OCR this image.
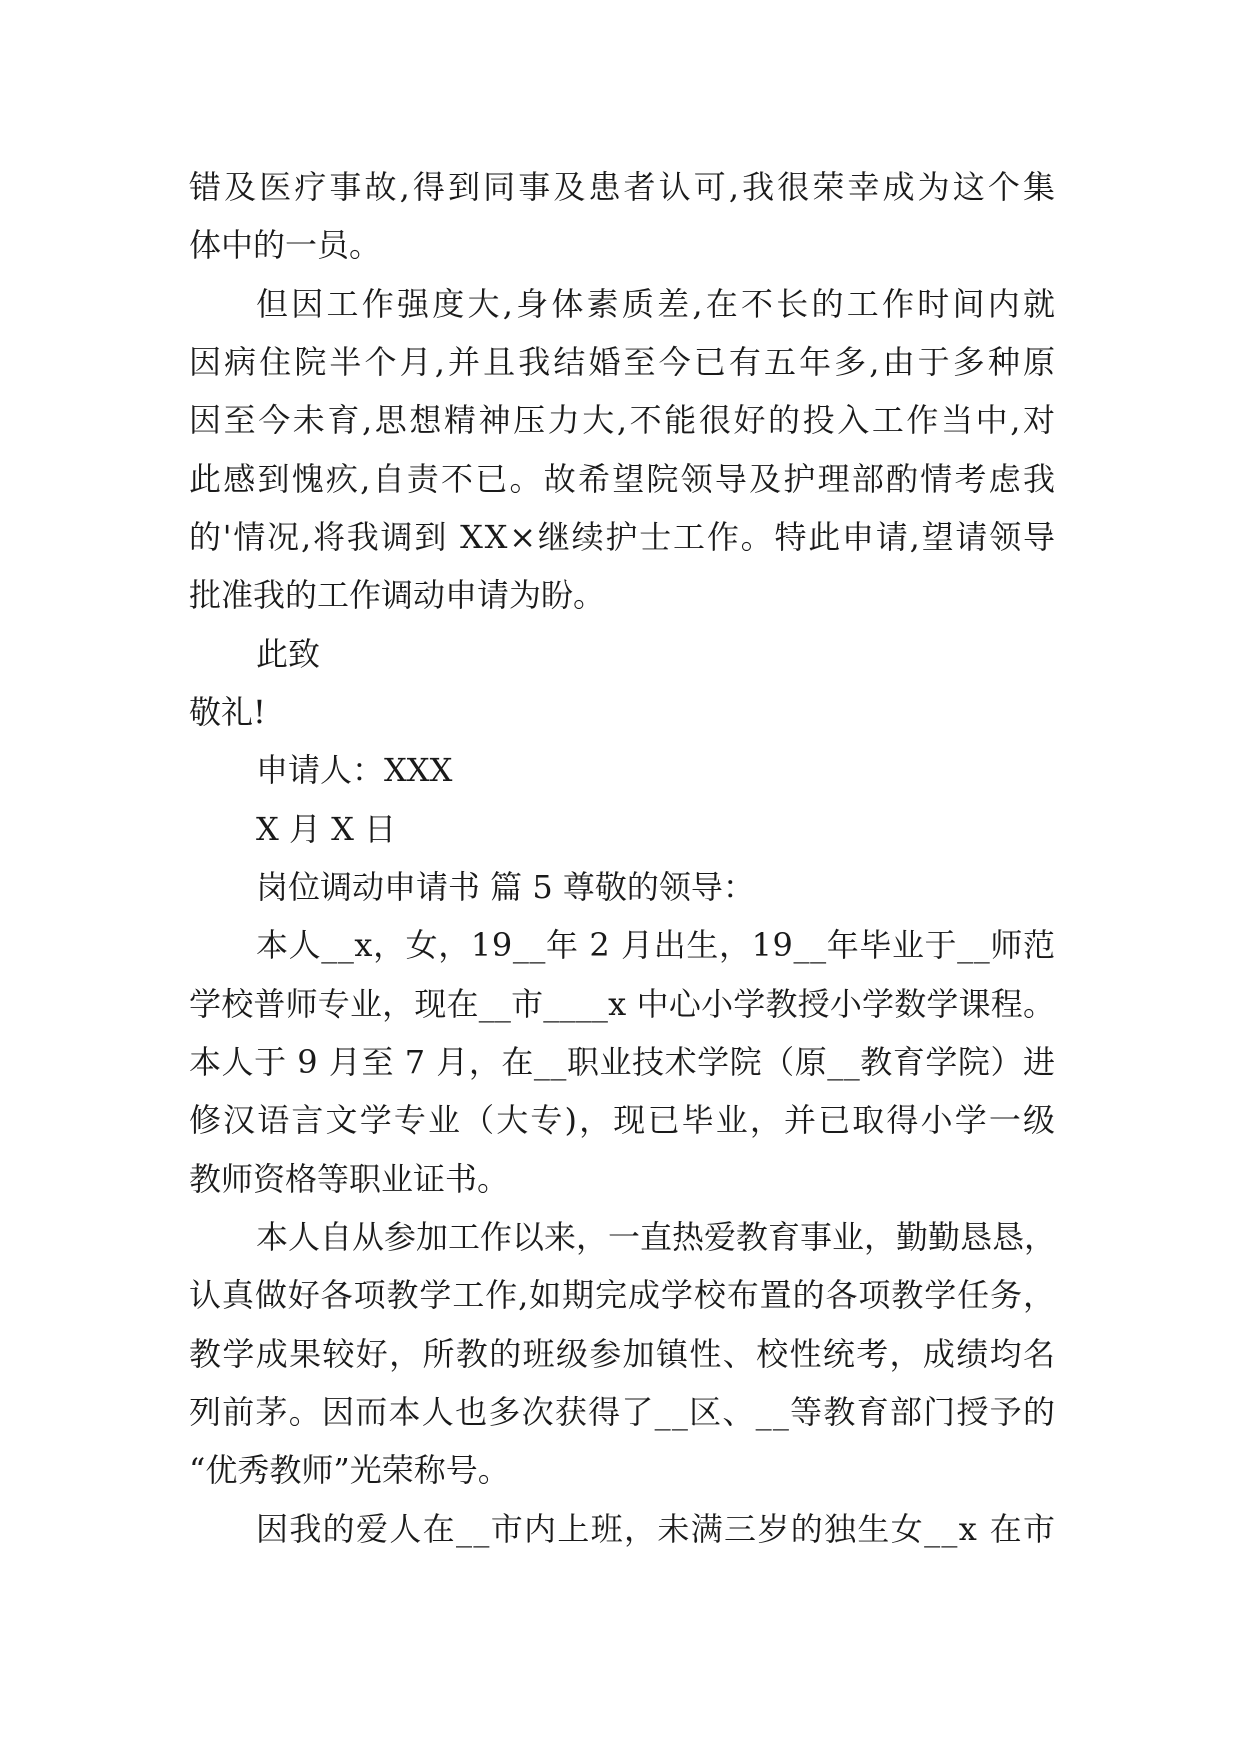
错及医疗事故,得到同事及患者认可,我很荣幸成为这个集
体中的一员。
但因工作强度大,身体素质差,在不长的工作时间内就
因病住院半个月,并且我结婚至今已有五年多,由于多种原
因至今未育,思想精神压力大,不能很好的投入工作当中,对
此感到愧疚,自责不已。故希望院领导及护理部酌情考虑我
的'情况,将我调到 XX×继续护士工作。特此申请,望请领导
批准我的工作调动申请为盼。
此致
敬礼!
申请人：XXX
X 月 X 日
岗位调动申请书 篇 5 尊敬的领导：
本人__x，女，19__年 2 月出生，19__年毕业于__师范
学校普师专业，现在__市____x 中心小学教授小学数学课程。
本人于 9 月至 7 月，在__职业技术学院（原__教育学院）进
修汉语言文学专业（大专)，现已毕业，并已取得小学一级
教师资格等职业证书。
本人自从参加工作以来，一直热爱教育事业，勤勤恳恳，
认真做好各项教学工作,如期完成学校布置的各项教学任务，
教学成果较好，所教的班级参加镇性、校性统考，成绩均名
列前茅。因而本人也多次获得了__区、__等教育部门授予的
“优秀教师”光荣称号。
因我的爱人在__市内上班，未满三岁的独生女__x 在市
